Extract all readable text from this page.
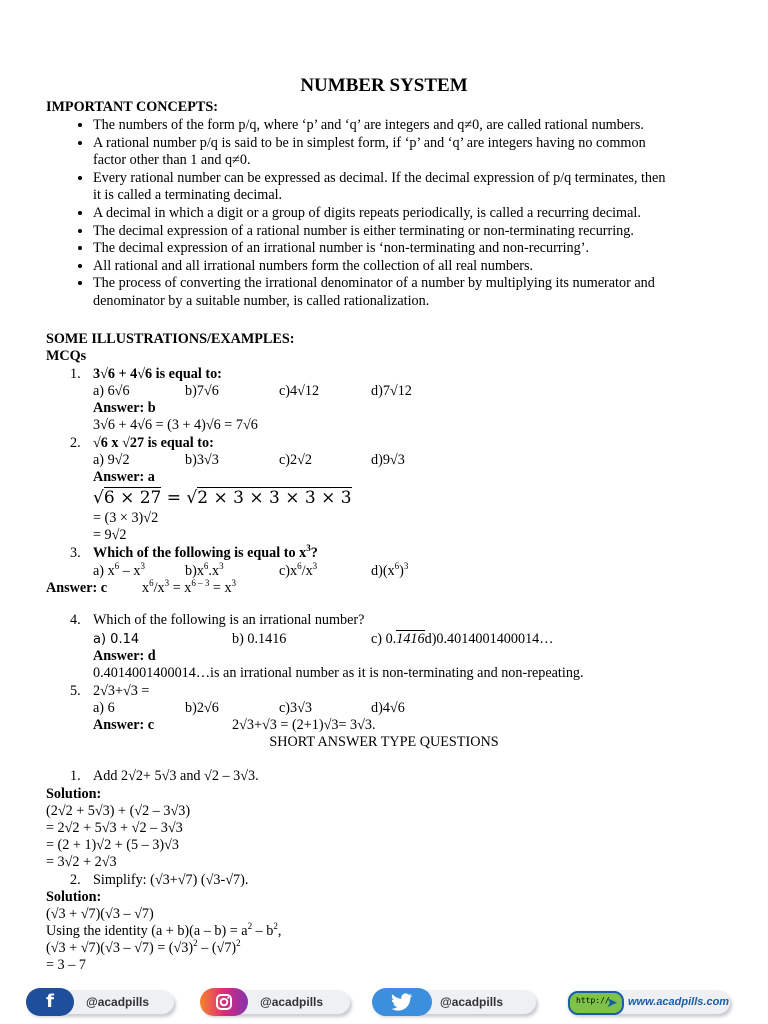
NUMBER SYSTEM
IMPORTANT CONCEPTS:
• The numbers of the form p/q, where ‘p’ and ‘q’ are integers and q≠0, are called rational numbers.
• A rational number p/q is said to be in simplest form, if ‘p’ and ‘q’ are integers having no common
factor other than 1 and q≠0.
• Every rational number can be expressed as decimal. If the decimal expression of p/q terminates, then
it is called a terminating decimal.
• A decimal in which a digit or a group of digits repeats periodically, is called a recurring decimal.
• The decimal expression of a rational number is either terminating or non-terminating recurring.
• The decimal expression of an irrational number is ‘non-terminating and non-recurring’.
• All rational and all irrational numbers form the collection of all real numbers.
• The process of converting the irrational denominator of a number by multiplying its numerator and
denominator by a suitable number, is called rationalization.
SOME ILLUSTRATIONS/EXAMPLES:
MCQs
1. 3√6 + 4√6 is equal to:
a) 6√6	b)7√6	c)4√12	d)7√12
Answer: b
3√6 + 4√6 = (3 + 4)√6 = 7√6
2. √6 x √27 is equal to:
a) 9√2	b)3√3	c)2√2	d)9√3
Answer: a
√6 × 27 = √2 × 3 × 3 × 3 × 3
= (3 × 3)√2
= 9√2
3. Which of the following is equal to $x^3$?
a) $x^6 - x^3$	$b)x^6.x^3$	$c)x^6/x^3$	$d)(x^6)^3$
Answer: c $x^6/x^3 = x^{6 - 3} = x^3$
4. Which of the following is an irrational number?
a) 0.14	b) 0.1416	c) 0.1416d)0.4014001400014…
Answer: d
0.4014001400014…is an irrational number as it is non-terminating and non-repeating.
5. 2√3+√3 =
a) 6	b)2√6	c)3√3	d)4√6
Answer: c	2√3+√3 = (2+1)√3= 3√3.
SHORT ANSWER TYPE QUESTIONS
1. Add 2√2+ 5√3 and √2 – 3√3.
Solution:
(2√2 + 5√3) + (√2 – 3√3)
= 2√2 + 5√3 + √2 – 3√3
= (2 + 1)√2 + (5 – 3)√3
= 3√2 + 2√3
2. Simplify: (√3+√7) (√3-√7).
Solution:
(√3 + √7)(√3 – √7)
Using the identity $(a + b)(a - b) = a^2 - b^2$,
$(√3 + √7)(√3 - √7) = (√3)^2 - (√7)^2$
= 3 – 7
f	@acadpills	@acadpills	@acadpills	http://
➤ www.acadpills.com
